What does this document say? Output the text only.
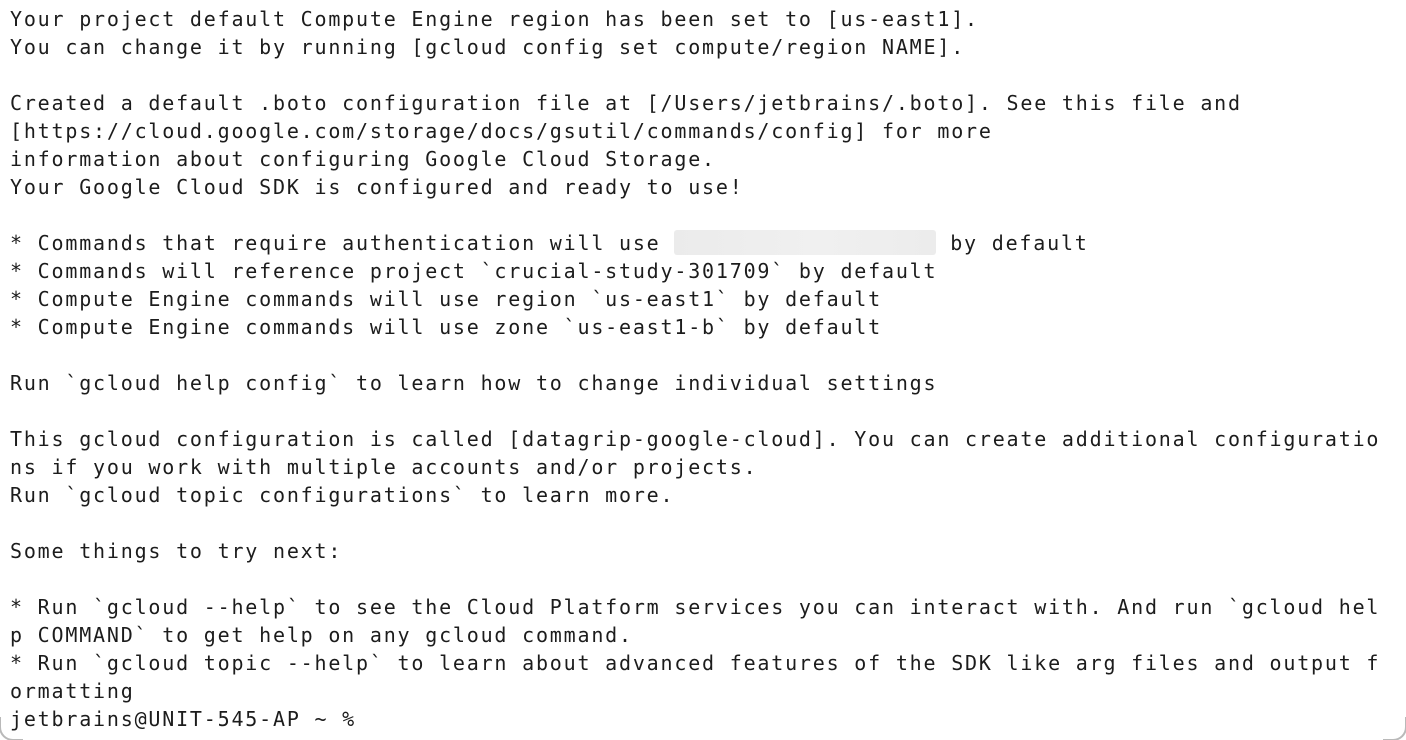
Your project default Compute Engine region has been set to [us-east1].
You can change it by running [gcloud config set compute/region NAME].

Created a default .boto configuration file at [/Users/jetbrains/.boto]. See this file and
[https://cloud.google.com/storage/docs/gsutil/commands/config] for more
information about configuring Google Cloud Storage.
Your Google Cloud SDK is configured and ready to use!

* Commands that require authentication will use	by default
* Commands will reference project `crucial-study-301709` by default
* Compute Engine commands will use region `us-east1` by default
* Compute Engine commands will use zone `us-east1-b` by default

Run `gcloud help config` to learn how to change individual settings

This gcloud configuration is called [datagrip-google-cloud]. You can create additional configuratio
ns if you work with multiple accounts and/or projects.
Run `gcloud topic configurations` to learn more.

Some things to try next:

* Run `gcloud --help` to see the Cloud Platform services you can interact with. And run `gcloud hel
p COMMAND` to get help on any gcloud command.
* Run `gcloud topic --help` to learn about advanced features of the SDK like arg files and output f
ormatting
jetbrains@UNIT-545-AP ~ %
